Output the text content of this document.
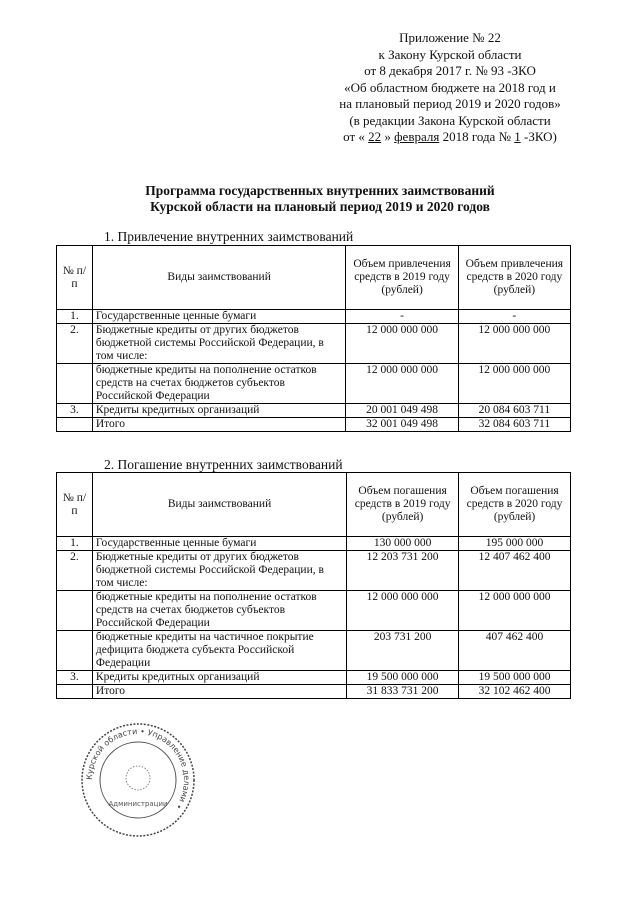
Приложение № 22
к Закону Курской области
от 8 декабря 2017 г. № 93 -ЗКО
«Об областном бюджете на 2018 год и
на плановый период 2019 и 2020 годов»
(в редакции Закона Курской области
от « 22 » февраля 2018 года № 1 -ЗКО)
Программа государственных внутренних заимствований
Курской области на плановый период 2019 и 2020 годов
1. Привлечение внутренних заимствований
№ п/п	Виды заимствований	Объем привлечения средств в 2019 году (рублей)	Объем привлечения средств в 2020 году (рублей)
1.	Государственные ценные бумаги	-	-
2.	Бюджетные кредиты от других бюджетов бюджетной системы Российской Федерации, в том числе:	12 000 000 000	12 000 000 000
	бюджетные кредиты на пополнение остатков средств на счетах бюджетов субъектов Российской Федерации	12 000 000 000	12 000 000 000
3.	Кредиты кредитных организаций	20 001 049 498	20 084 603 711
	Итого	32 001 049 498	32 084 603 711
2. Погашение внутренних заимствований
№ п/п	Виды заимствований	Объем погашения средств в 2019 году (рублей)	Объем погашения средств в 2020 году (рублей)
1.	Государственные ценные бумаги	130 000 000	195 000 000
2.	Бюджетные кредиты от других бюджетов бюджетной системы Российской Федерации, в том числе:	12 203 731 200	12 407 462 400
	бюджетные кредиты на пополнение остатков средств на счетах бюджетов субъектов Российской Федерации	12 000 000 000	12 000 000 000
	бюджетные кредиты на частичное покрытие дефицита бюджета субъекта Российской Федерации	203 731 200	407 462 400
3.	Кредиты кредитных организаций	19 500 000 000	19 500 000 000
	Итого	31 833 731 200	32 102 462 400
Курской области • Управление делами •
Администрации
